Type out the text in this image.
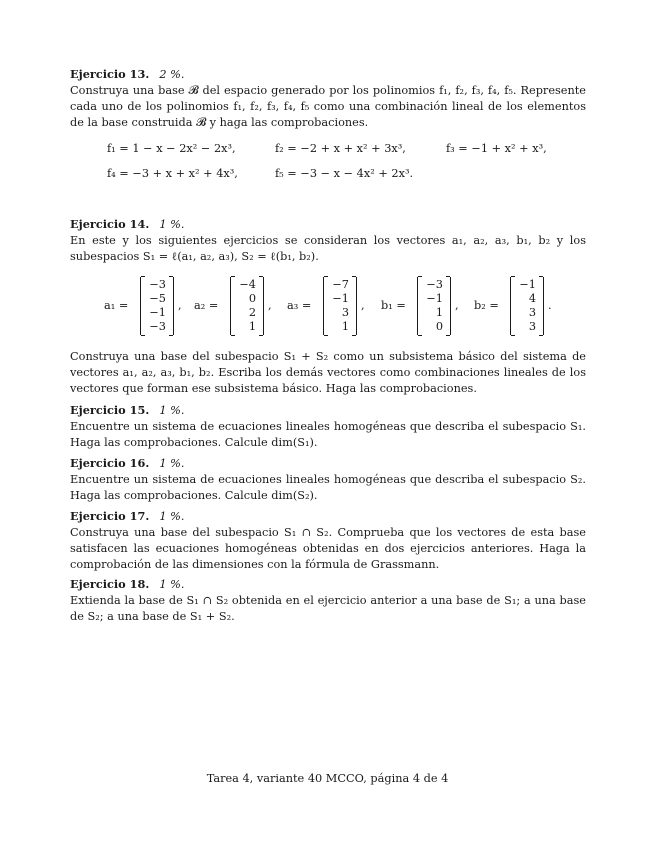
Ejercicio 13. 2 %.

Construya una base 𝓑 del espacio generado por los polinomios f₁, f₂, f₃, f₄, f₅. Represente cada uno de los polinomios f₁, f₂, f₃, f₄, f₅ como una combinación lineal de los elementos de la base construida 𝓑 y haga las comprobaciones.

f₁ = 1 − x − 2x² − 2x³,	f₂ = −2 + x + x² + 3x³,	f₃ = −1 + x² + x³,
f₄ = −3 + x + x² + 4x³,	f₅ = −3 − x − 4x² + 2x³.

Ejercicio 14. 1 %.

En este y los siguientes ejercicios se consideran los vectores a₁, a₂, a₃, b₁, b₂ y los subespacios S₁ = ℓ(a₁, a₂, a₃), S₂ = ℓ(b₁, b₂).

a₁ =
−3
−5
−1
−3
, a₂ =
−4
0
2
1
, a₃ =
−7
−1
3
1
, b₁ =
−3
−1
1
0
, b₂ =
−1
4
3
3
.

Construya una base del subespacio S₁ + S₂ como un subsistema básico del sistema de vectores a₁, a₂, a₃, b₁, b₂. Escriba los demás vectores como combinaciones lineales de los vectores que forman ese subsistema básico. Haga las comprobaciones.

Ejercicio 15. 1 %.

Encuentre un sistema de ecuaciones lineales homogéneas que describa el subespacio S₁. Haga las comprobaciones. Calcule dim(S₁).

Ejercicio 16. 1 %.

Encuentre un sistema de ecuaciones lineales homogéneas que describa el subespacio S₂. Haga las comprobaciones. Calcule dim(S₂).

Ejercicio 17. 1 %.

Construya una base del subespacio S₁ ∩ S₂. Comprueba que los vectores de esta base satisfacen las ecuaciones homogéneas obtenidas en dos ejercicios anteriores. Haga la comprobación de las dimensiones con la fórmula de Grassmann.

Ejercicio 18. 1 %.

Extienda la base de S₁ ∩ S₂ obtenida en el ejercicio anterior a una base de S₁; a una base de S₂; a una base de S₁ + S₂.

Tarea 4, variante 40 MCCO, página 4 de 4
